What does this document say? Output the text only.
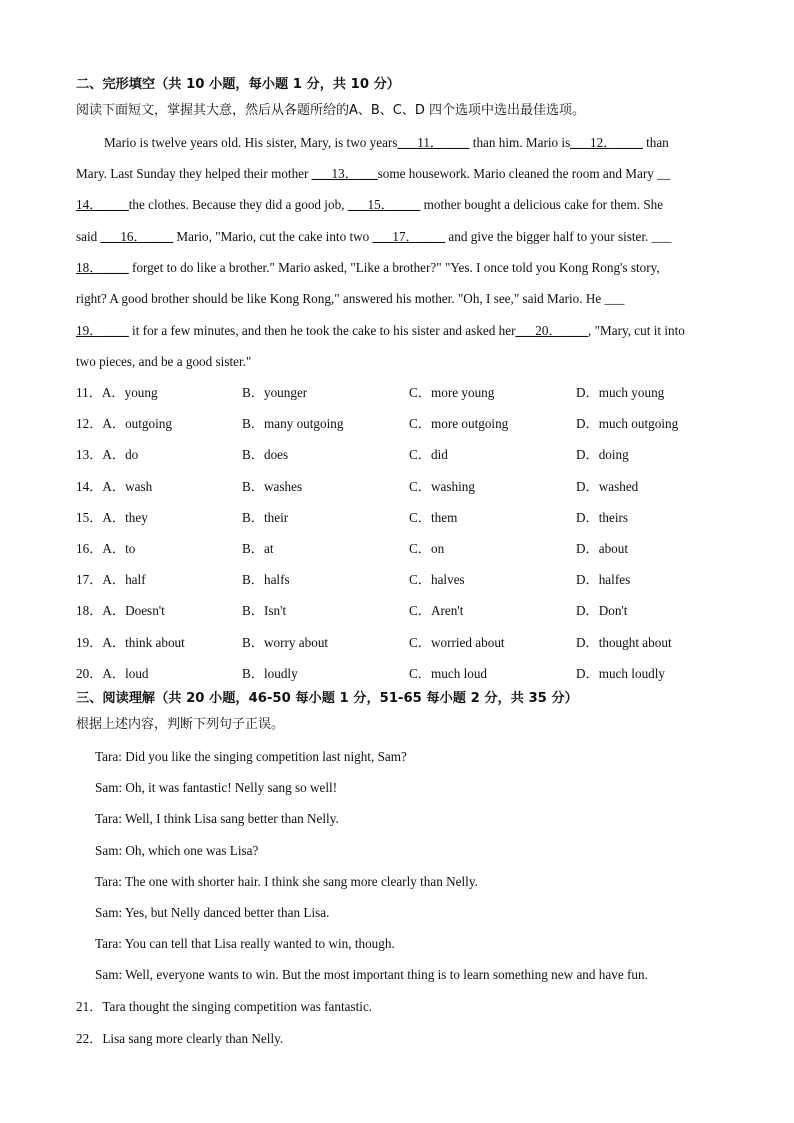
二、完形填空（共 10 小题，每小题 1 分，共 10 分）
阅读下面短文，掌握其大意，然后从各题所给的A、B、C、D 四个选项中选出最佳选项。
Mario is twelve years old. His sister, Mary, is two years___11．____ than him. Mario is___12．____ than
Mary. Last Sunday they helped their mother ___13．___some housework. Mario cleaned the room and Mary __
14．____the clothes. Because they did a good job, ___15．____ mother bought a delicious cake for them. She
said ___16．____ Mario, "Mario, cut the cake into two ___17．____ and give the bigger half to your sister. ___
18．____ forget to do like a brother." Mario asked, "Like a brother?" "Yes. I once told you Kong Rong's story,
right? A good brother should be like Kong Rong," answered his mother. "Oh, I see," said Mario. He ___
19．____ it for a few minutes, and then he took the cake to his sister and asked her___20．____, "Mary, cut it into
two pieces, and be a good sister."
11．A．young	B．younger	C．more young	D．much young
12．A．outgoing	B．many outgoing	C．more outgoing	D．much outgoing
13．A．do	B．does	C．did	D．doing
14．A．wash	B．washes	C．washing	D．washed
15．A．they	B．their	C．them	D．theirs
16．A．to	B．at	C．on	D．about
17．A．half	B．halfs	C．halves	D．halfes
18．A．Doesn't	B．Isn't	C．Aren't	D．Don't
19．A．think about	B．worry about	C．worried about	D．thought about
20．A．loud	B．loudly	C．much loud	D．much loudly
三、阅读理解（共 20 小题，46-50 每小题 1 分，51-65 每小题 2 分，共 35 分）
根据上述内容，判断下列句子正误。
Tara: Did you like the singing competition last night, Sam?
Sam: Oh, it was fantastic! Nelly sang so well!
Tara: Well, I think Lisa sang better than Nelly.
Sam: Oh, which one was Lisa?
Tara: The one with shorter hair. I think she sang more clearly than Nelly.
Sam: Yes, but Nelly danced better than Lisa.
Tara: You can tell that Lisa really wanted to win, though.
Sam: Well, everyone wants to win. But the most important thing is to learn something new and have fun.
21．Tara thought the singing competition was fantastic.
22．Lisa sang more clearly than Nelly.
